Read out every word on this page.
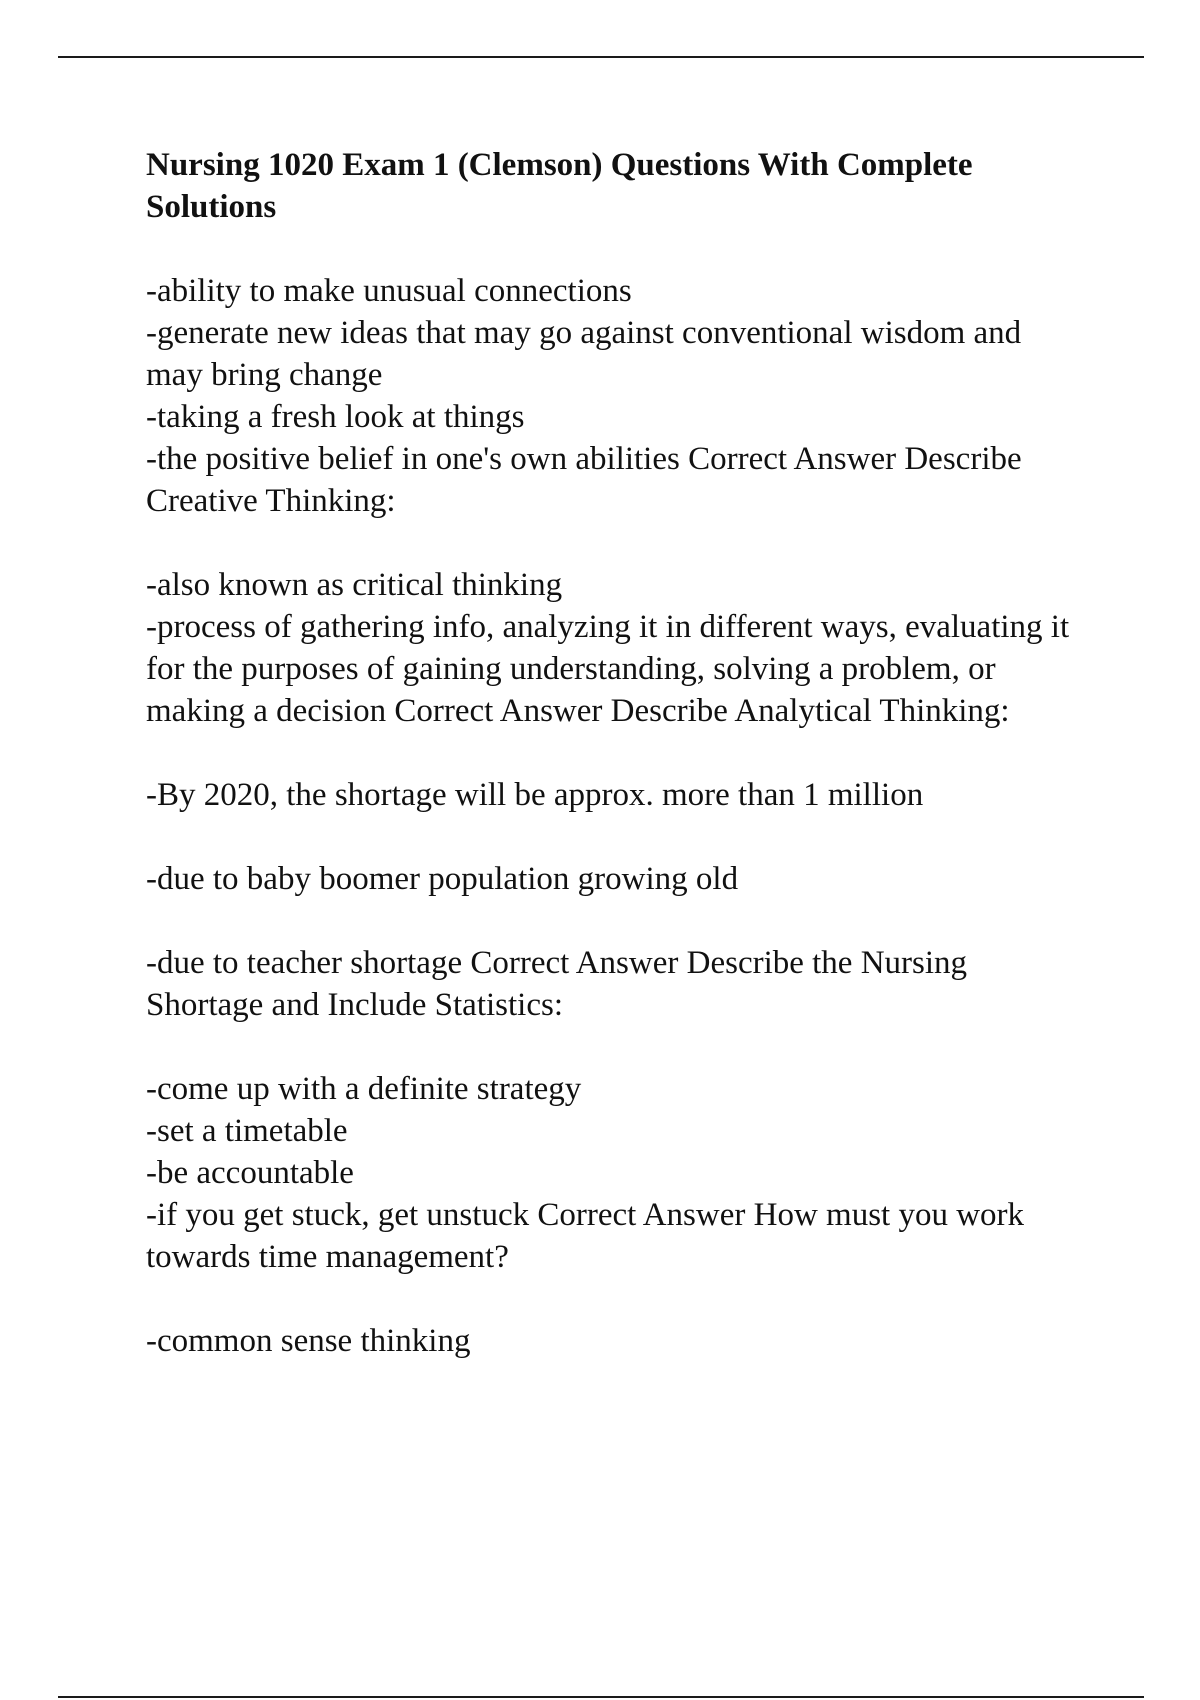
Nursing 1020 Exam 1 (Clemson) Questions With Complete Solutions
-ability to make unusual connections
-generate new ideas that may go against conventional wisdom and may bring change
-taking a fresh look at things
-the positive belief in one's own abilities Correct Answer Describe Creative Thinking:
-also known as critical thinking
-process of gathering info, analyzing it in different ways, evaluating it for the purposes of gaining understanding, solving a problem, or making a decision Correct Answer Describe Analytical Thinking:
-By 2020, the shortage will be approx. more than 1 million
-due to baby boomer population growing old
-due to teacher shortage Correct Answer Describe the Nursing Shortage and Include Statistics:
-come up with a definite strategy
-set a timetable
-be accountable
-if you get stuck, get unstuck Correct Answer How must you work towards time management?
-common sense thinking
